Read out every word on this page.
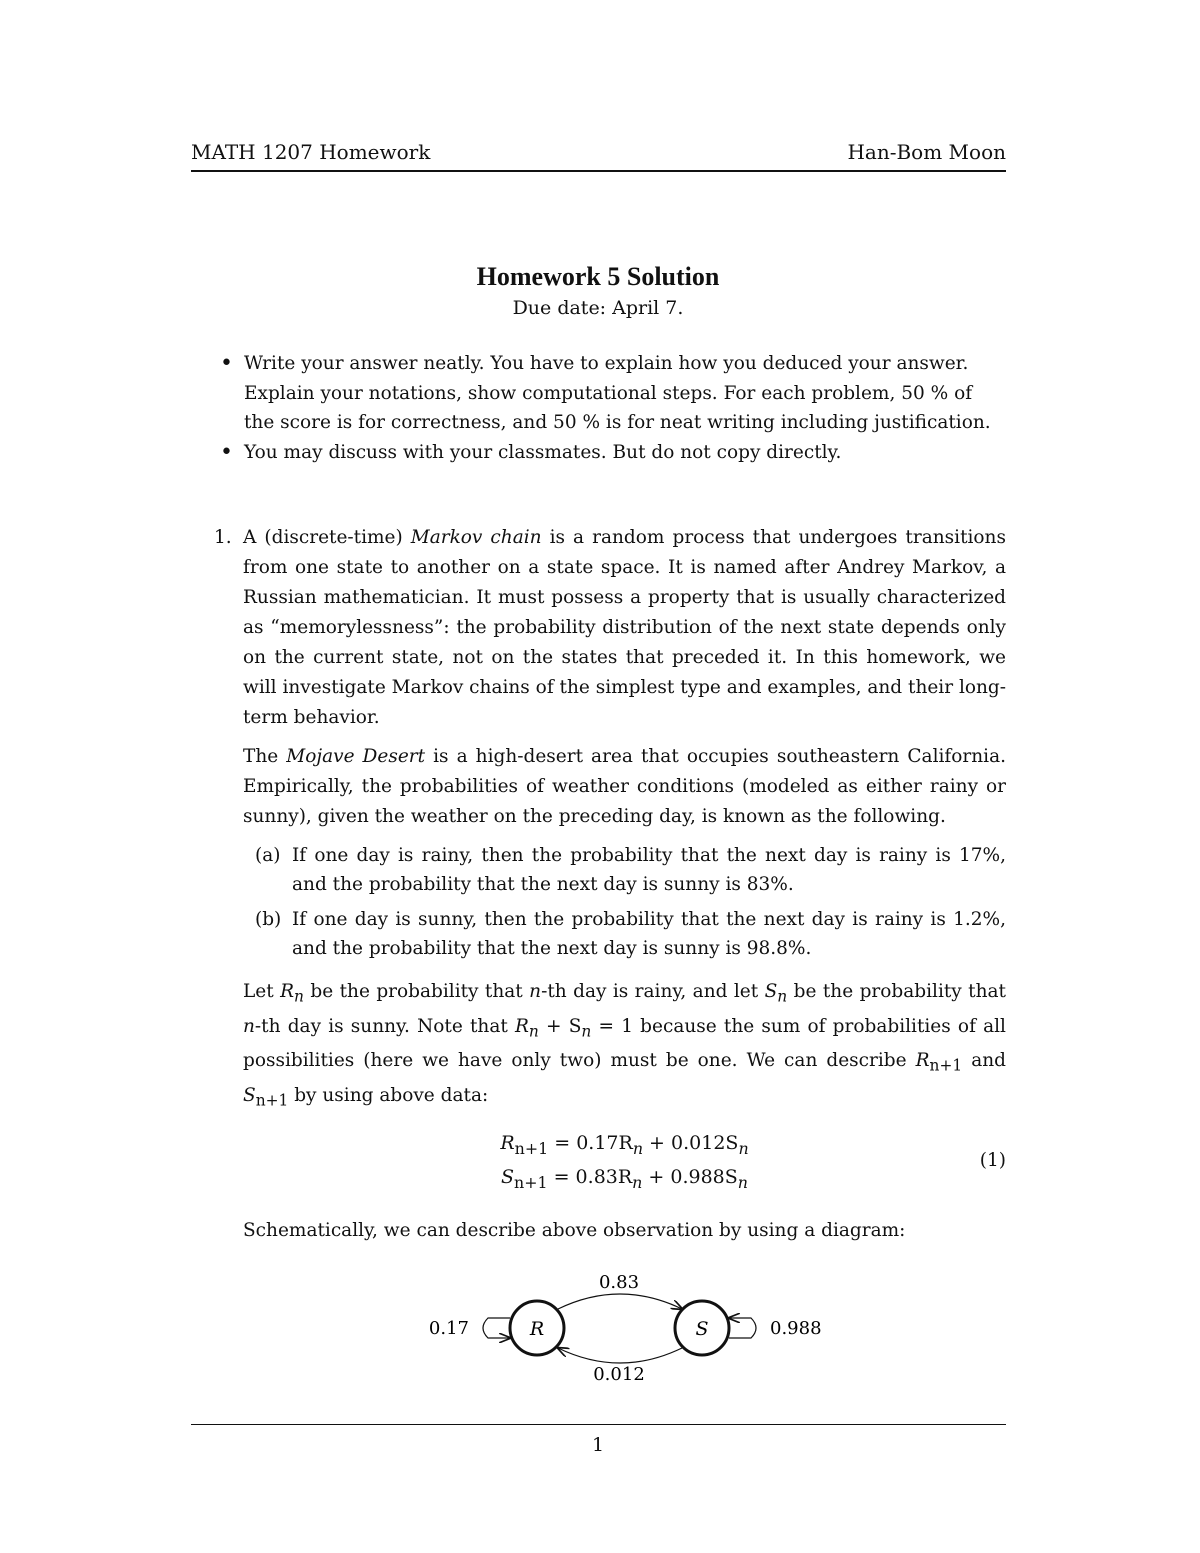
MATH 1207 Homework	Han-Bom Moon
Homework 5 Solution
Due date: April 7.
• Write your answer neatly. You have to explain how you deduced your answer. Explain your notations, show computational steps. For each problem, 50 % of the score is for correctness, and 50 % is for neat writing including justification.
• You may discuss with your classmates. But do not copy directly.
1. A (discrete-time) Markov chain is a random process that undergoes transitions from one state to another on a state space. It is named after Andrey Markov, a Russian mathematician. It must possess a property that is usually characterized as “memorylessness”: the probability distribution of the next state depends only on the current state, not on the states that preceded it. In this homework, we will investigate Markov chains of the simplest type and examples, and their long-term behavior.

The Mojave Desert is a high-desert area that occupies southeastern California. Empirically, the probabilities of weather conditions (modeled as either rainy or sunny), given the weather on the preceding day, is known as the following.

(a) If one day is rainy, then the probability that the next day is rainy is 17%, and the probability that the next day is sunny is 83%.
(b) If one day is sunny, then the probability that the next day is rainy is 1.2%, and the probability that the next day is sunny is 98.8%.

Let $R_n$ be the probability that n-th day is rainy, and let $S_n$ be the probability that n-th day is sunny. Note that $R_n + S_n = 1$ because the sum of probabilities of all possibilities (here we have only two) must be one. We can describe $R_{n+1}$ and $S_{n+1}$ by using above data:

$R_{n+1} = 0.17R_n + 0.012S_n$
$S_{n+1} = 0.83R_n + 0.988S_n$
(1)

Schematically, we can describe above observation by using a diagram:

R	S
0.83
0.012
0.17	0.988
1
